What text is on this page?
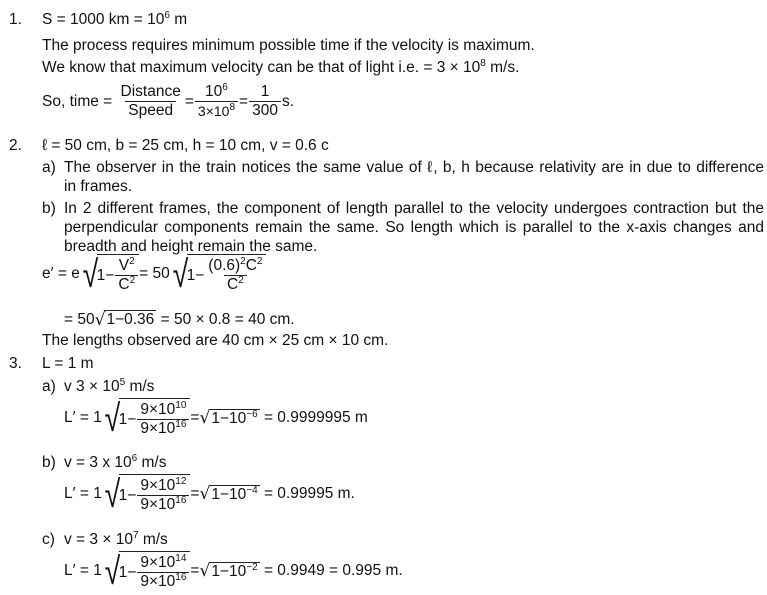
1. S = 1000 km = $10^6$ m
The process requires minimum possible time if the velocity is maximum.
We know that maximum velocity can be that of light i.e. = $3 \times 10^8$ m/s.
So, time =
$\frac{\text{Distance}}{\text{Speed}} = \frac{10^6}{3\times 10^8} = \frac{1}{300} s$.
2. ℓ = 50 cm, b = 25 cm, h = 10 cm, v = 0.6 c
a) The observer in the train notices the same value of ℓ, b, h because relativity are in due to difference
in frames.
b) In 2 different frames, the component of length parallel to the velocity undergoes contraction but the
perpendicular components remain the same. So length which is parallel to the x-axis changes and
breadth and height remain the same.
e′ = e √
$1- \frac{V^2}{C^2} = 50$ √
$1- \frac{(0.6)^2C^2}{C^2}$
= 50 √ 1−0.36
= 50 × 0.8 = 40 cm.
The lengths observed are 40 cm × 25 cm × 10 cm.
3. L = 1 m
a) v $3 \times 10^5$ m/s
L′ = 1 √
$1- \frac{9\times 10^{10}}{9\times 10^{16}}$ = √ $1-10^{-6}$
= 0.9999995 m
b) v = 3 x $10^6$ m/s
L′ = 1 √
$1- \frac{9\times 10^{12}}{9\times 10^{16}}$ = √ $1-10^{-4}$
= 0.99995 m.
c) $v = 3 \times 10^7$ m/s
L′ = 1 √
$1- \frac{9\times 10^{14}}{9\times 10^{16}}$ = √ $1-10^{-2}$
= 0.9949 = 0.995 m.
